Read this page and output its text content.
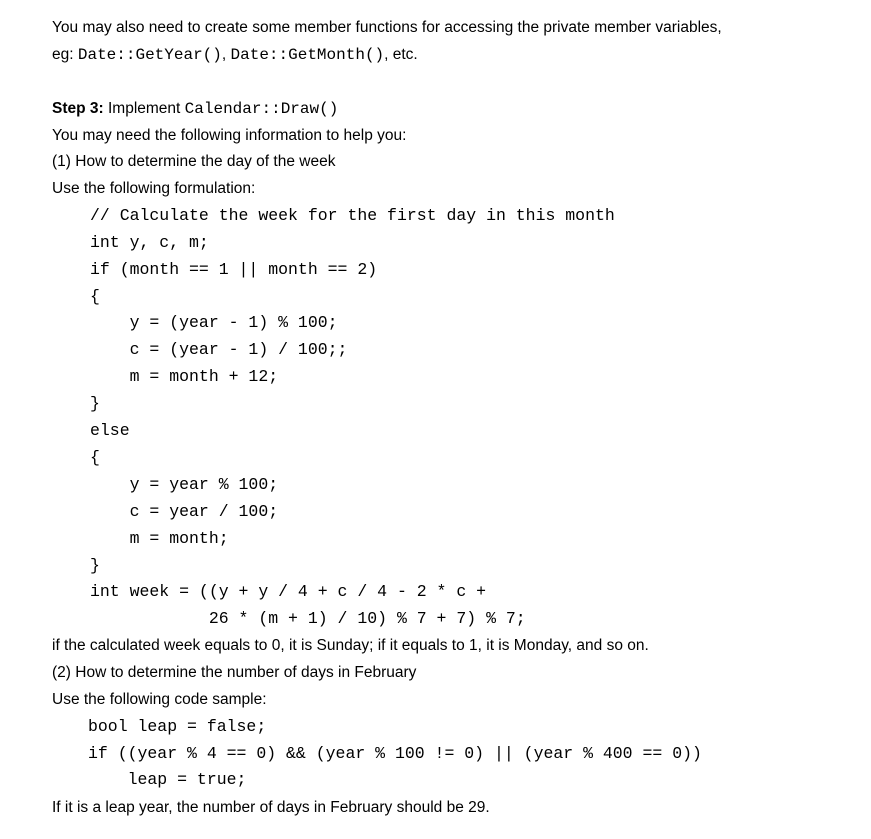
You may also need to create some member functions for accessing the private member variables,

eg: Date::GetYear(), Date::GetMonth(), etc.

Step 3: Implement Calendar::Draw()

You may need the following information to help you:

(1) How to determine the day of the week

Use the following formulation:

// Calculate the week for the first day in this month

int y, c, m;

if (month == 1 || month == 2)

{

y = (year - 1) % 100;

c = (year - 1) / 100;;

m = month + 12;

}

else

{

y = year % 100;

c = year / 100;

m = month;

}

int week = ((y + y / 4 + c / 4 - 2 * c +

26 * (m + 1) / 10) % 7 + 7) % 7;

if the calculated week equals to 0, it is Sunday; if it equals to 1, it is Monday, and so on.

(2) How to determine the number of days in February

Use the following code sample:

bool leap = false;

if ((year % 4 == 0) && (year % 100 != 0) || (year % 400 == 0))

leap = true;

If it is a leap year, the number of days in February should be 29.
